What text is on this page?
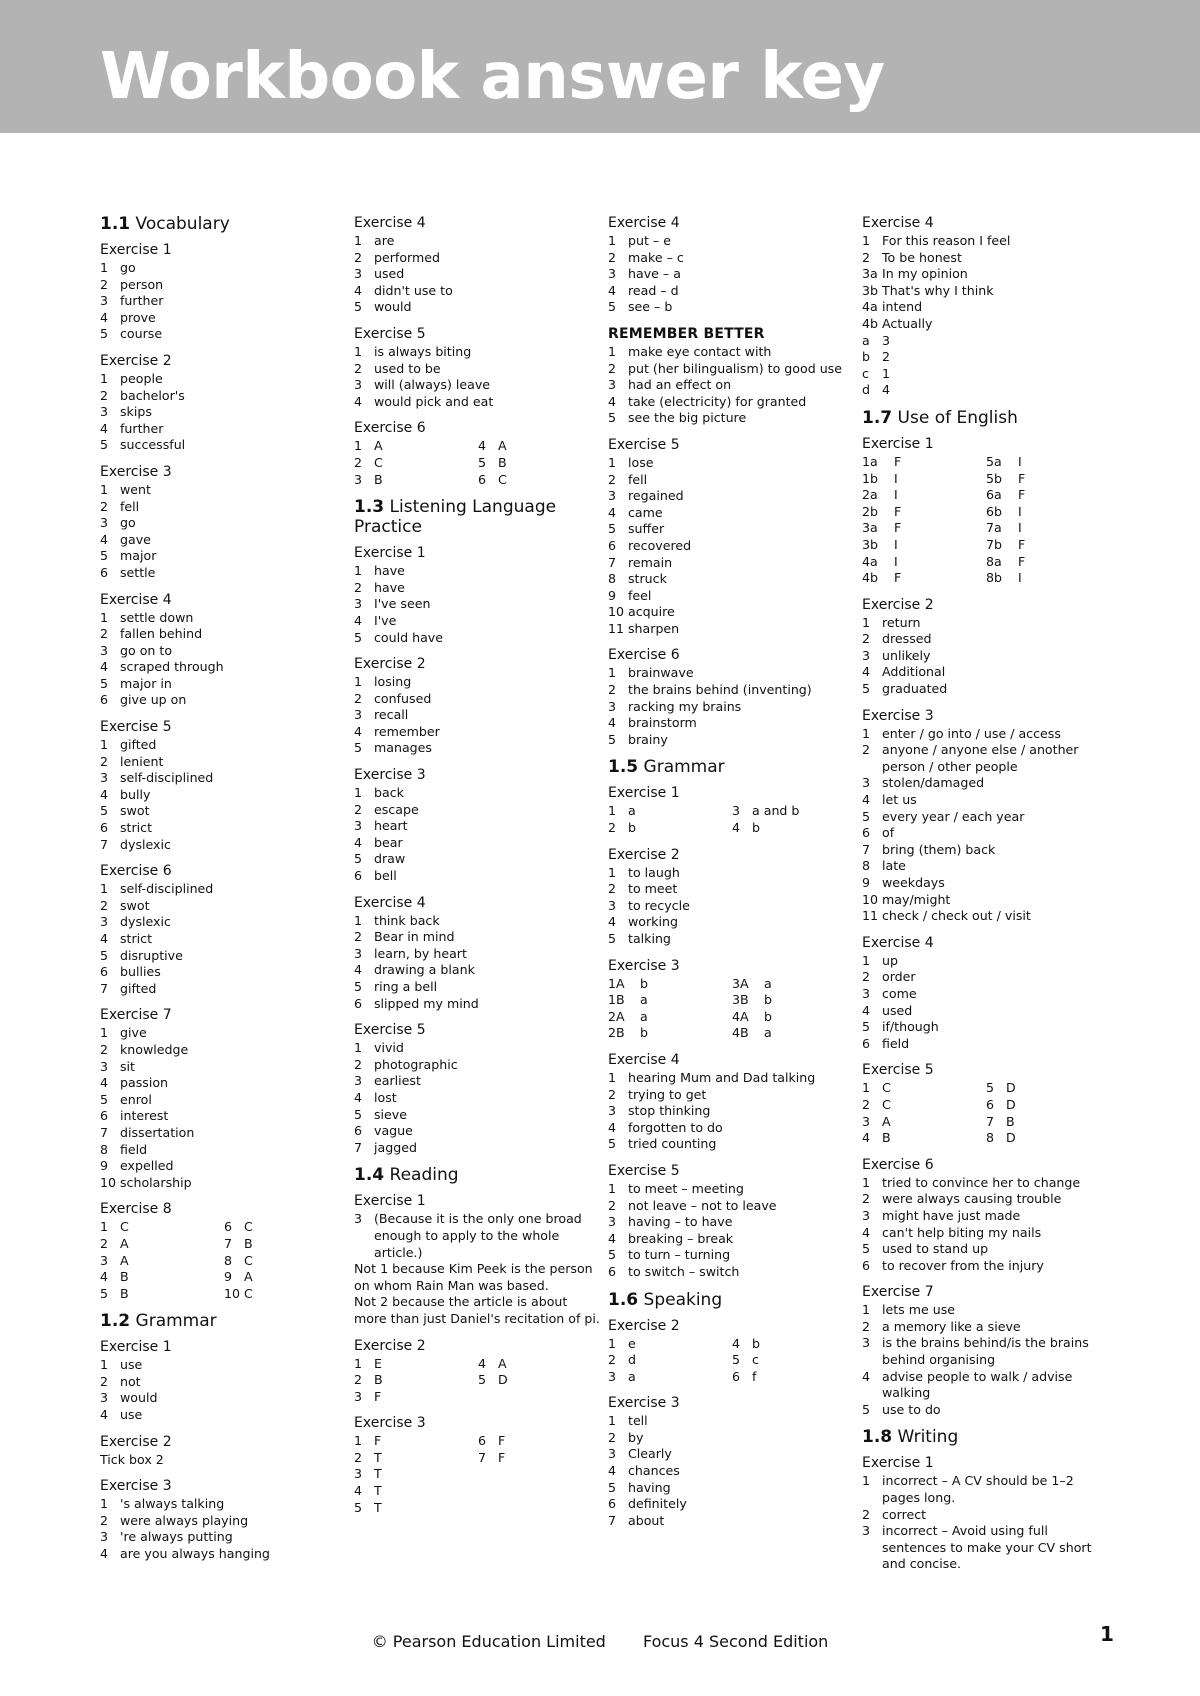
Workbook answer key
1.1 Vocabulary
Exercise 1
1 go
2 person
3 further
4 prove
5 course
Exercise 2
1 people
2 bachelor's
3 skips
4 further
5 successful
Exercise 3
1 went
2 fell
3 go
4 gave
5 major
6 settle
Exercise 4
1 settle down
2 fallen behind
3 go on to
4 scraped through
5 major in
6 give up on
Exercise 5
1 gifted
2 lenient
3 self-disciplined
4 bully
5 swot
6 strict
7 dyslexic
Exercise 6
1 self-disciplined
2 swot
3 dyslexic
4 strict
5 disruptive
6 bullies
7 gifted
Exercise 7
1 give
2 knowledge
3 sit
4 passion
5 enrol
6 interest
7 dissertation
8 field
9 expelled
10 scholarship
Exercise 8
1 C	6 C
2 A	7 B
3 A	8 C
4 B	9 A
5 B	10 C
1.2 Grammar
Exercise 1
1 use
2 not
3 would
4 use
Exercise 2
Tick box 2
Exercise 3
1 's always talking
2 were always playing
3 're always putting
4 are you always hanging
Exercise 4
1 are
2 performed
3 used
4 didn't use to
5 would
Exercise 5
1 is always biting
2 used to be
3 will (always) leave
4 would pick and eat
Exercise 6
1 A	4 A
2 C	5 B
3 B	6 C
1.3 Listening Language Practice
Exercise 1
1 have
2 have
3 I've seen
4 I've
5 could have
Exercise 2
1 losing
2 confused
3 recall
4 remember
5 manages
Exercise 3
1 back
2 escape
3 heart
4 bear
5 draw
6 bell
Exercise 4
1 think back
2 Bear in mind
3 learn, by heart
4 drawing a blank
5 ring a bell
6 slipped my mind
Exercise 5
1 vivid
2 photographic
3 earliest
4 lost
5 sieve
6 vague
7 jagged
1.4 Reading
Exercise 1
3 (Because it is the only one broad enough to apply to the whole article.)
Not 1 because Kim Peek is the person on whom Rain Man was based.
Not 2 because the article is about more than just Daniel's recitation of pi.
Exercise 2
1 E	4 A
2 B	5 D
3 F
Exercise 3
1 F	6 F
2 T	7 F
3 T
4 T
5 T
Exercise 4
1 put – e
2 make – c
3 have – a
4 read – d
5 see – b
REMEMBER BETTER
1 make eye contact with
2 put (her bilingualism) to good use
3 had an effect on
4 take (electricity) for granted
5 see the big picture
Exercise 5
1 lose
2 fell
3 regained
4 came
5 suffer
6 recovered
7 remain
8 struck
9 feel
10 acquire
11 sharpen
Exercise 6
1 brainwave
2 the brains behind (inventing)
3 racking my brains
4 brainstorm
5 brainy
1.5 Grammar
Exercise 1
1 a	3 a and b
2 b	4 b
Exercise 2
1 to laugh
2 to meet
3 to recycle
4 working
5 talking
Exercise 3
1A	b	3A	a
1B	a	3B	b
2A	a	4A	b
2B	b	4B	a
Exercise 4
1 hearing Mum and Dad talking
2 trying to get
3 stop thinking
4 forgotten to do
5 tried counting
Exercise 5
1 to meet – meeting
2 not leave – not to leave
3 having – to have
4 breaking – break
5 to turn – turning
6 to switch – switch
1.6 Speaking
Exercise 2
1 e	4 b
2 d	5 c
3 a	6 f
Exercise 3
1 tell
2 by
3 Clearly
4 chances
5 having
6 definitely
7 about
Exercise 4
1 For this reason I feel
2 To be honest
3a In my opinion
3b That's why I think
4a intend
4b Actually
a 3
b 2
c	1
d 4
1.7 Use of English
Exercise 1
1a	F	5a	I
1b	I	5b	F
2a	I	6a	F
2b	F	6b	I
3a	F	7a	I
3b	I	7b	F
4a	I	8a	F
4b	F	8b	I
Exercise 2
1 return
2 dressed
3 unlikely
4 Additional
5 graduated
Exercise 3
1 enter / go into / use / access
2 anyone / anyone else / another person / other people
3 stolen/damaged
4 let us
5 every year / each year
6 of
7 bring (them) back
8 late
9 weekdays
10 may/might
11 check / check out / visit
Exercise 4
1 up
2 order
3 come
4 used
5 if/though
6 field
Exercise 5
1 C	5 D
2 C	6 D
3 A	7 B
4 B	8 D
Exercise 6
1 tried to convince her to change
2 were always causing trouble
3 might have just made
4 can't help biting my nails
5 used to stand up
6 to recover from the injury
Exercise 7
1 lets me use
2 a memory like a sieve
3 is the brains behind/is the brains behind organising
4 advise people to walk / advise walking
5 use to do
1.8 Writing
Exercise 1
1 incorrect – A CV should be 1–2 pages long.
2 correct
3 incorrect – Avoid using full sentences to make your CV short and concise.
© Pearson Education Limited Focus 4 Second Edition	1
